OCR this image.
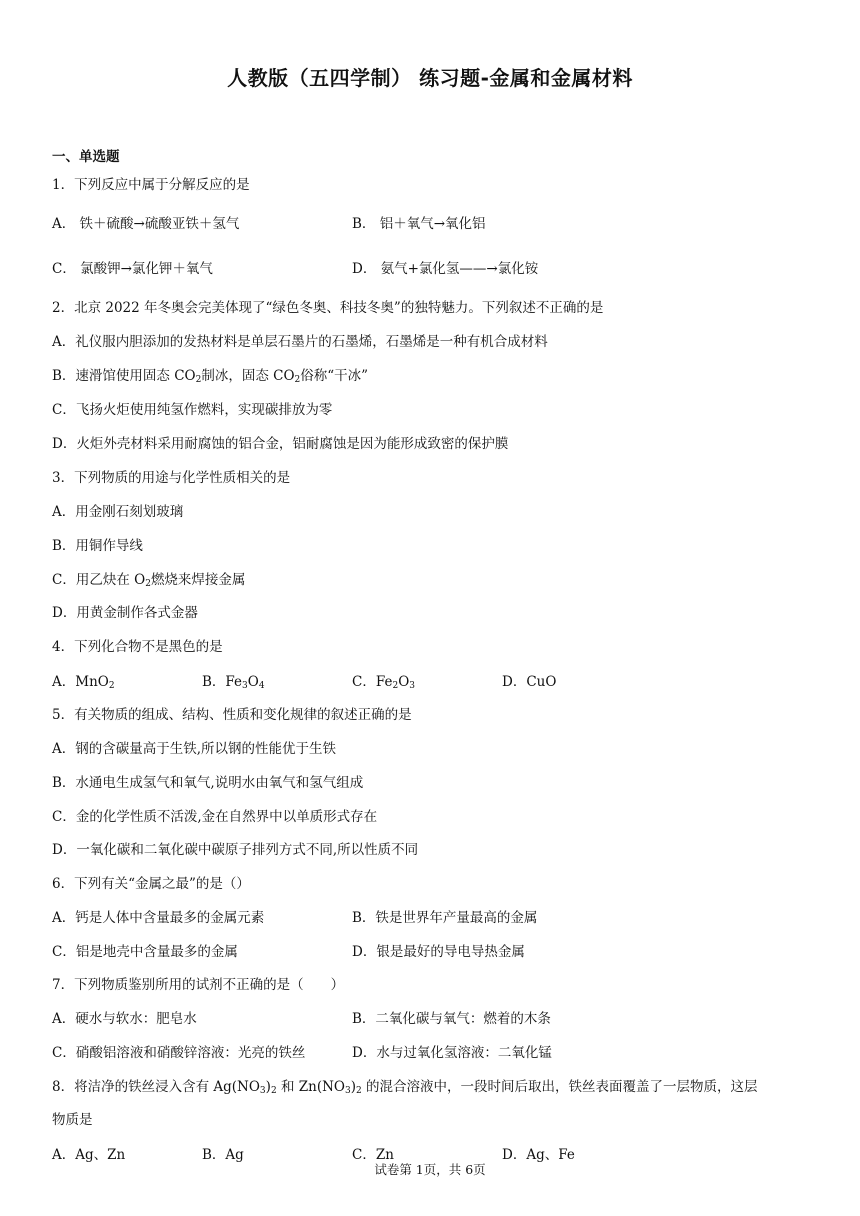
人教版（五四学制） 练习题-金属和金属材料
一、单选题
1．下列反应中属于分解反应的是
A． 铁＋硫酸→硫酸亚铁＋氢气	B． 铝＋氧气→氧化铝
C． 氯酸钾→氯化钾＋氧气	D． 氨气+氯化氢——→氯化铵
2．北京 2022 年冬奥会完美体现了“绿色冬奥、科技冬奥”的独特魅力。下列叙述不正确的是
A．礼仪服内胆添加的发热材料是单层石墨片的石墨烯，石墨烯是一种有机合成材料
B．速滑馆使用固态 $CO_2$制冰，固态 $CO_2$俗称“干冰”
C．飞扬火炬使用纯氢作燃料，实现碳排放为零
D．火炬外壳材料采用耐腐蚀的铝合金，铝耐腐蚀是因为能形成致密的保护膜
3．下列物质的用途与化学性质相关的是
A．用金刚石刻划玻璃
B．用铜作导线
C．用乙炔在 $O_2$燃烧来焊接金属
D．用黄金制作各式金器
4．下列化合物不是黑色的是
A．MnO$_2$	B．$Fe_3O_4$	C．$Fe_2O_3$	D．CuO
5．有关物质的组成、结构、性质和变化规律的叙述正确的是
A．钢的含碳量高于生铁,所以钢的性能优于生铁
B．水通电生成氢气和氧气,说明水由氧气和氢气组成
C．金的化学性质不活泼,金在自然界中以单质形式存在
D．一氧化碳和二氧化碳中碳原子排列方式不同,所以性质不同
6．下列有关“金属之最”的是（）
A．钙是人体中含量最多的金属元素	B．铁是世界年产量最高的金属
C．铝是地壳中含量最多的金属	D．银是最好的导电导热金属
7．下列物质鉴别所用的试剂不正确的是（　　）
A．硬水与软水：肥皂水	B．二氧化碳与氧气：燃着的木条
C．硝酸铝溶液和硝酸锌溶液：光亮的铁丝	D．水与过氧化氢溶液：二氧化锰
8．将洁净的铁丝浸入含有 $Ag(NO_3)_2$ 和 $Zn(NO_3)_2$ 的混合溶液中，一段时间后取出，铁丝表面覆盖了一层物质，这层
物质是
A．Ag、Zn	B．Ag	C．Zn	D．Ag、Fe
试卷第 1页，共 6页
